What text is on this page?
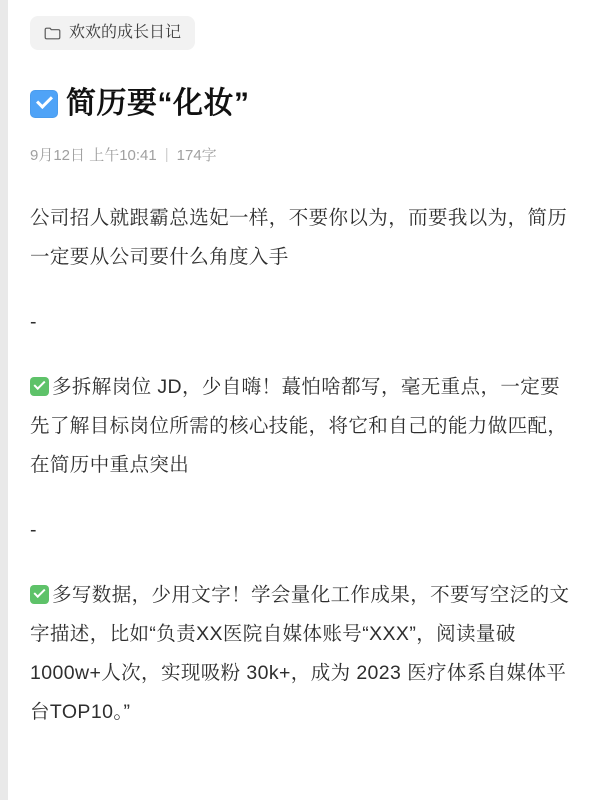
欢欢的成长日记
简历要“化妆”
9月12日 上午10:41 | 174字

公司招人就跟霸总选妃一样，不要你以为，而要我以为，简历一定要从公司要什么角度入手

-

多拆解岗位 JD，少自嗨！蕞怕啥都写，毫无重点，一定要先了解目标岗位所需的核心技能，将它和自己的能力做匹配，在简历中重点突出

-

多写数据，少用文字！学会量化工作成果，不要写空泛的文字描述，比如“负责XX医院自媒体账号“XXX”，阅读量破 1000w+人次，实现吸粉 30k+，成为 2023 医疗体系自媒体平台TOP10。”
